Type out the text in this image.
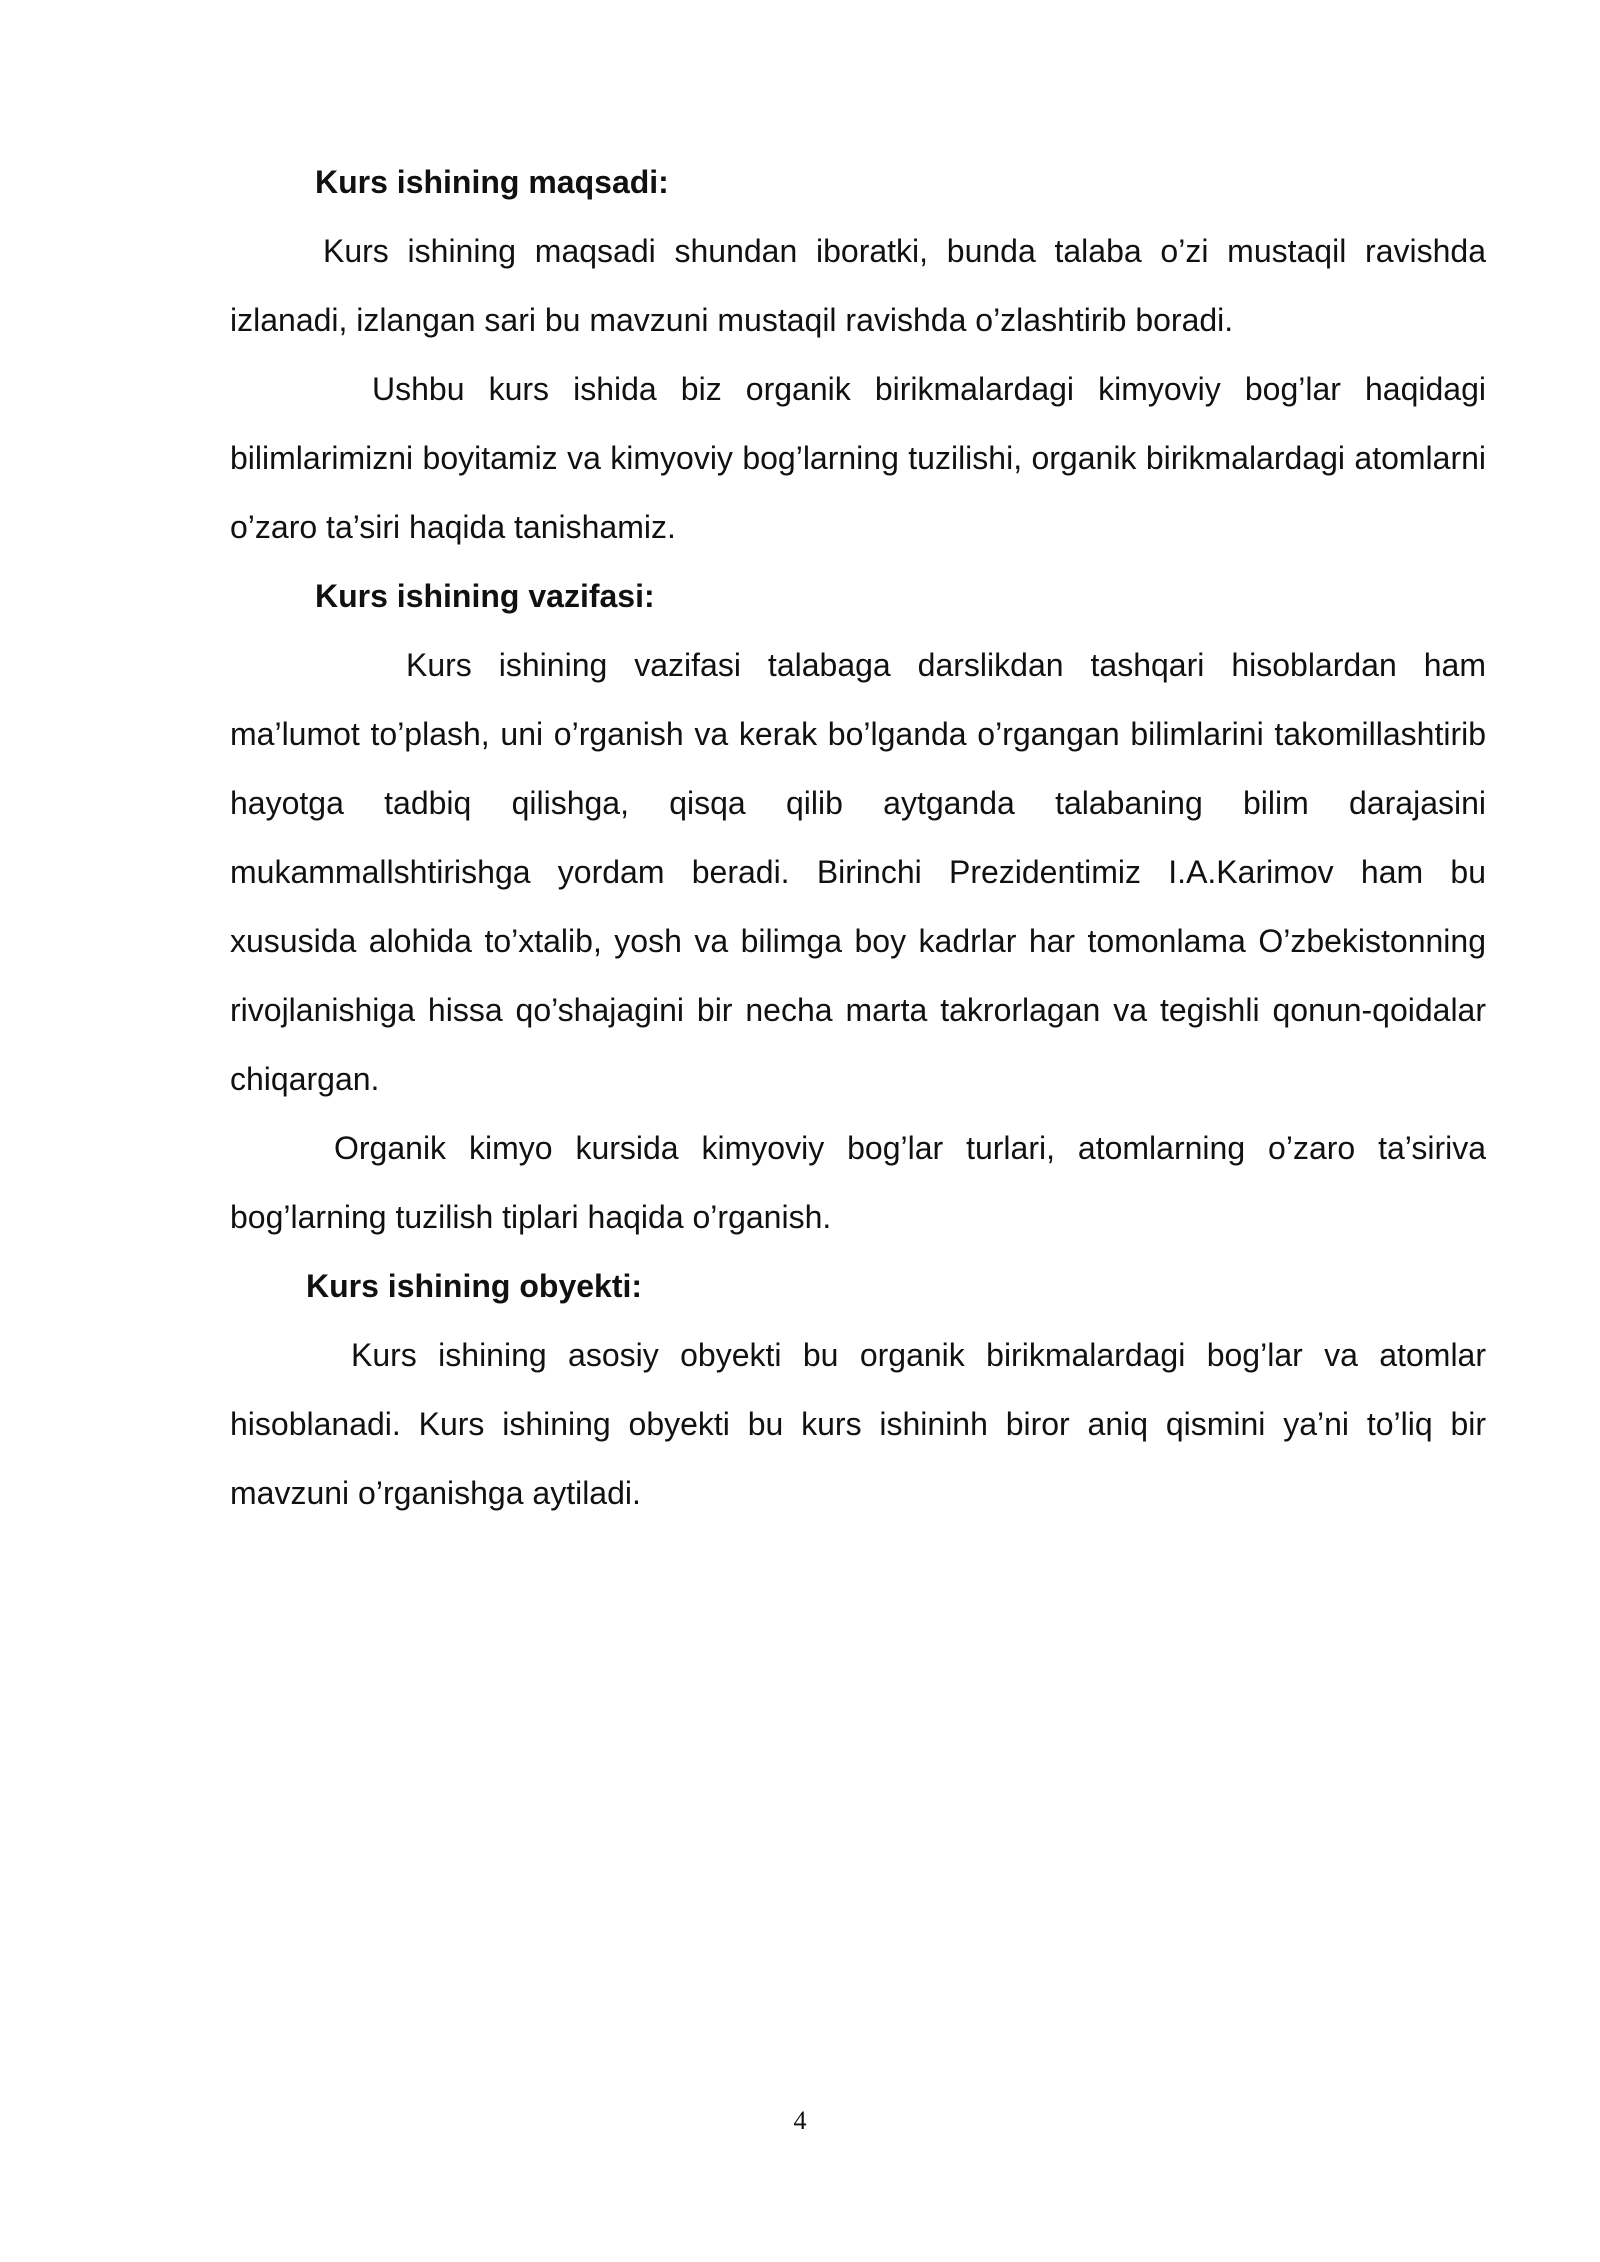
Kurs ishining maqsadi:

Kurs ishining maqsadi shundan iboratki, bunda talaba o’zi mustaqil ravishda izlanadi, izlangan sari bu mavzuni mustaqil ravishda o’zlashtirib boradi.

Ushbu kurs ishida biz organik birikmalardagi kimyoviy bog’lar haqidagi bilimlarimizni boyitamiz va kimyoviy bog’larning tuzilishi, organik birikmalardagi atomlarni o’zaro ta’siri haqida tanishamiz.

Kurs ishining vazifasi:

Kurs ishining vazifasi talabaga darslikdan tashqari hisoblardan ham ma’lumot to’plash, uni o’rganish va kerak bo’lganda o’rgangan bilimlarini takomillashtirib hayotga tadbiq qilishga, qisqa qilib aytganda talabaning bilim darajasini mukammallshtirishga yordam beradi. Birinchi Prezidentimiz I.A.Karimov ham bu xususida alohida to’xtalib, yosh va bilimga boy kadrlar har tomonlama O’zbekistonning rivojlanishiga hissa qo’shajagini bir necha marta takrorlagan va tegishli qonun-qoidalar chiqargan.

Organik kimyo kursida kimyoviy bog’lar turlari, atomlarning o’zaro ta’siriva bog’larning tuzilish tiplari haqida o’rganish.

Kurs ishining obyekti:

Kurs ishining asosiy obyekti bu organik birikmalardagi bog’lar va atomlar hisoblanadi. Kurs ishining obyekti bu kurs ishininh biror aniq qismini ya’ni to’liq bir mavzuni o’rganishga aytiladi.

4
